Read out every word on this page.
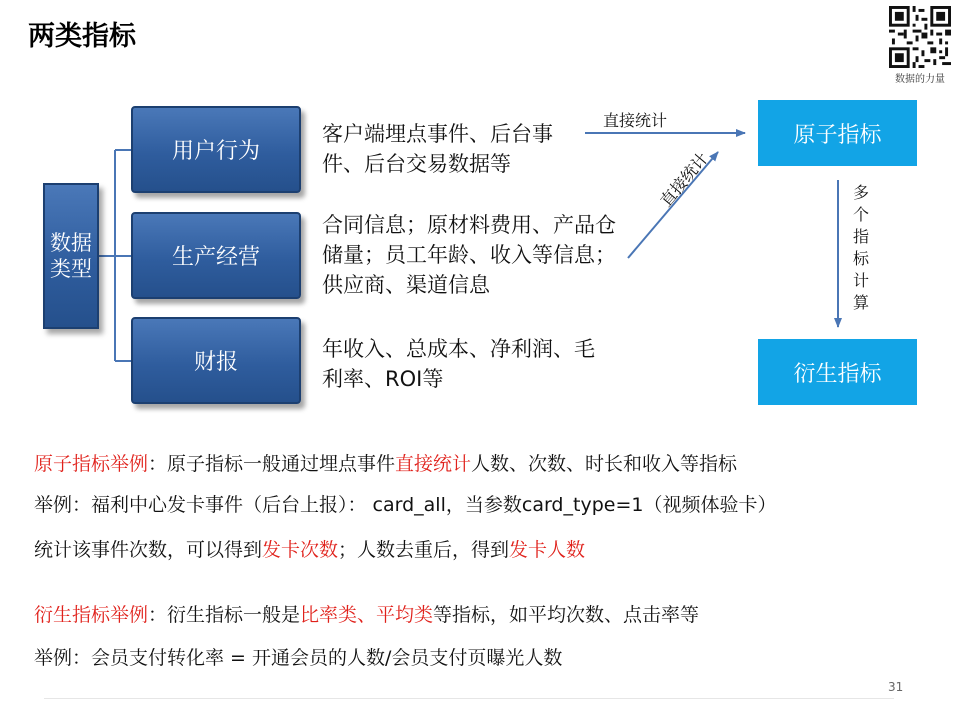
两类指标
数据的力量
数据类型
用户行为
生产经营
财报
客户端埋点事件、后台事件、后台交易数据等
合同信息；原材料费用、产品仓储量；员工年龄、收入等信息；供应商、渠道信息
年收入、总成本、净利润、毛利率、ROI等
原子指标
衍生指标
直接统计
直接统计	多个指标计算
原子指标举例：原子指标一般通过埋点事件直接统计人数、次数、时长和收入等指标
举例：福利中心发卡事件（后台上报）： card_all，当参数card_type=1（视频体验卡）
统计该事件次数，可以得到发卡次数；人数去重后，得到发卡人数
衍生指标举例：衍生指标一般是比率类、平均类等指标，如平均次数、点击率等
举例：会员支付转化率 = 开通会员的人数/会员支付页曝光人数
31
